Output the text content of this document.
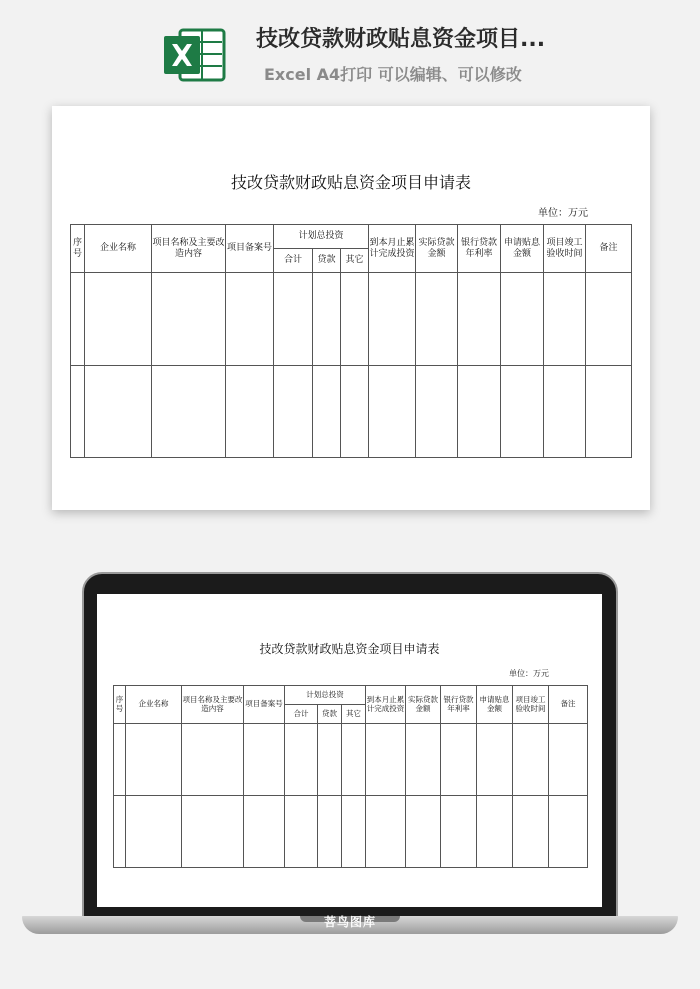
技改贷款财政贴息资金项目...
Excel A4打印 可以编辑、可以修改
技改贷款财政贴息资金项目申请表
单位：万元
序号	企业名称	项目名称及主要改造内容	项目备案号	计划总投资			到本月止累计完成投资	实际贷款金额	银行贷款年利率	申请贴息金额	项目竣工验收时间	备注
				合计	贷款	其它						

技改贷款财政贴息资金项目申请表
单位：万元
序号	企业名称	项目名称及主要改造内容	项目备案号	计划总投资			到本月止累计完成投资	实际贷款金额	银行贷款年利率	申请贴息金额	项目竣工验收时间	备注
				合计	贷款	其它						

菩鸟图库
